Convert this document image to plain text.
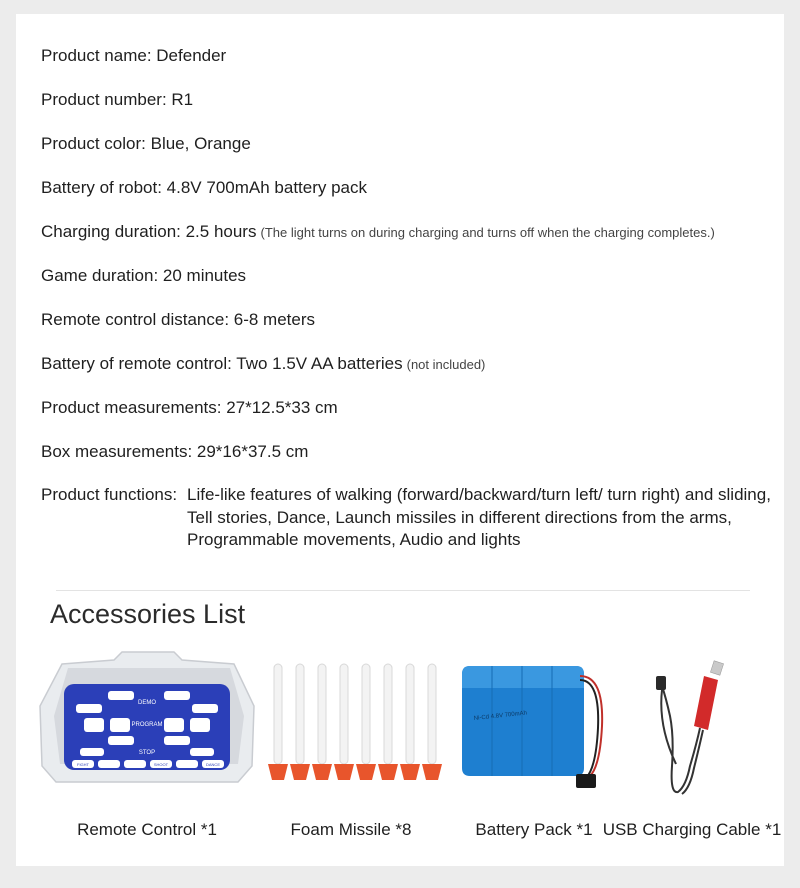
Product name: Defender
Product number: R1
Product color: Blue, Orange
Battery of robot: 4.8V 700mAh battery pack
Charging duration: 2.5 hours (The light turns on during charging and turns off when the charging completes.)
Game duration: 20 minutes
Remote control distance: 6-8 meters
Battery of remote control: Two 1.5V AA batteries (not included)
Product measurements: 27*12.5*33 cm
Box measurements: 29*16*37.5 cm
Product functions: Life-like features of walking (forward/backward/turn left/ turn right) and sliding, Tell stories, Dance, Launch missiles in different directions from the arms, Programmable movements, Audio and lights
Accessories List
DEMO
PROGRAM
STOP
DANCE
SHOOT
FIGHT
Remote Control *1	Foam Missile *8
Ni-Cd 4.8V 700mAh
Battery Pack *1 USB Charging Cable *1
